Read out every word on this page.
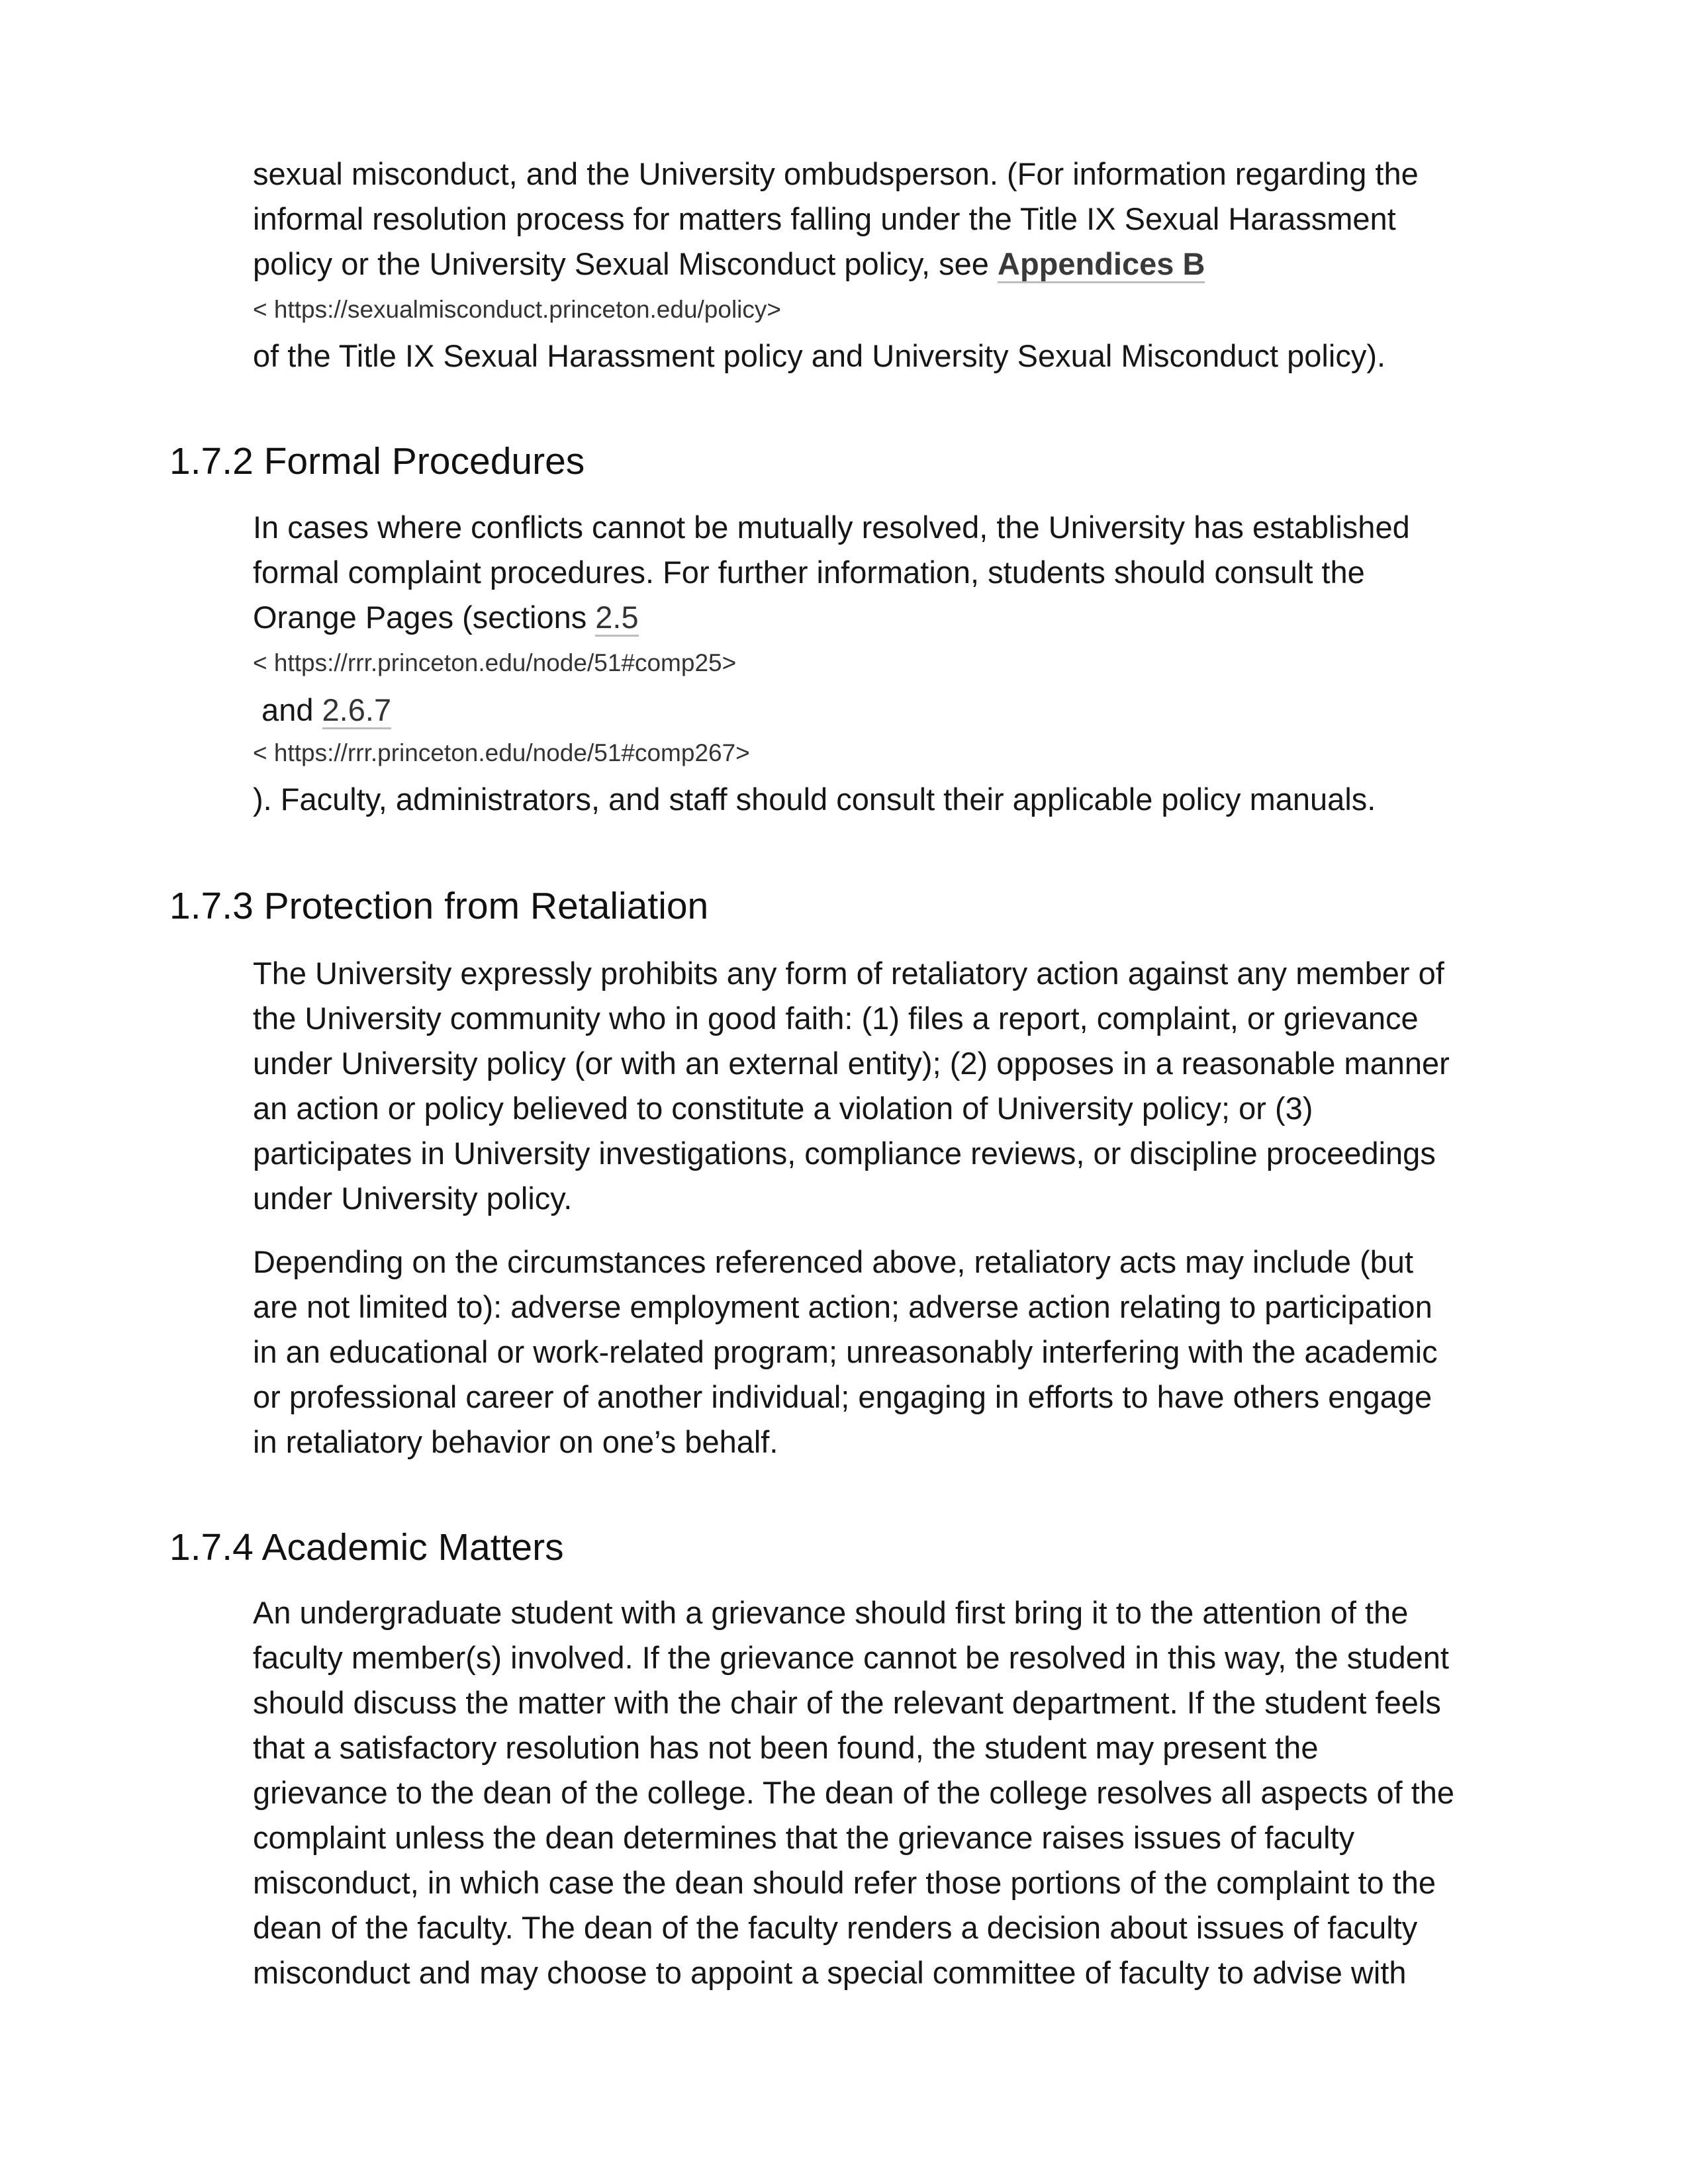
sexual misconduct, and the University ombudsperson. (For information regarding the
informal resolution process for matters falling under the Title IX Sexual Harassment
policy or the University Sexual Misconduct policy, see Appendices B
< https://sexualmisconduct.princeton.edu/policy>
of the Title IX Sexual Harassment policy and University Sexual Misconduct policy).
1.7.2 Formal Procedures
In cases where conflicts cannot be mutually resolved, the University has established
formal complaint procedures. For further information, students should consult the
Orange Pages (sections 2.5
< https://rrr.princeton.edu/node/51#comp25>
and 2.6.7
< https://rrr.princeton.edu/node/51#comp267>
). Faculty, administrators, and staff should consult their applicable policy manuals.
1.7.3 Protection from Retaliation
The University expressly prohibits any form of retaliatory action against any member of
the University community who in good faith: (1) files a report, complaint, or grievance
under University policy (or with an external entity); (2) opposes in a reasonable manner
an action or policy believed to constitute a violation of University policy; or (3)
participates in University investigations, compliance reviews, or discipline proceedings
under University policy.
Depending on the circumstances referenced above, retaliatory acts may include (but
are not limited to): adverse employment action; adverse action relating to participation
in an educational or work-related program; unreasonably interfering with the academic
or professional career of another individual; engaging in efforts to have others engage
in retaliatory behavior on one’s behalf.
1.7.4 Academic Matters
An undergraduate student with a grievance should first bring it to the attention of the
faculty member(s) involved. If the grievance cannot be resolved in this way, the student
should discuss the matter with the chair of the relevant department. If the student feels
that a satisfactory resolution has not been found, the student may present the
grievance to the dean of the college. The dean of the college resolves all aspects of the
complaint unless the dean determines that the grievance raises issues of faculty
misconduct, in which case the dean should refer those portions of the complaint to the
dean of the faculty. The dean of the faculty renders a decision about issues of faculty
misconduct and may choose to appoint a special committee of faculty to advise with
